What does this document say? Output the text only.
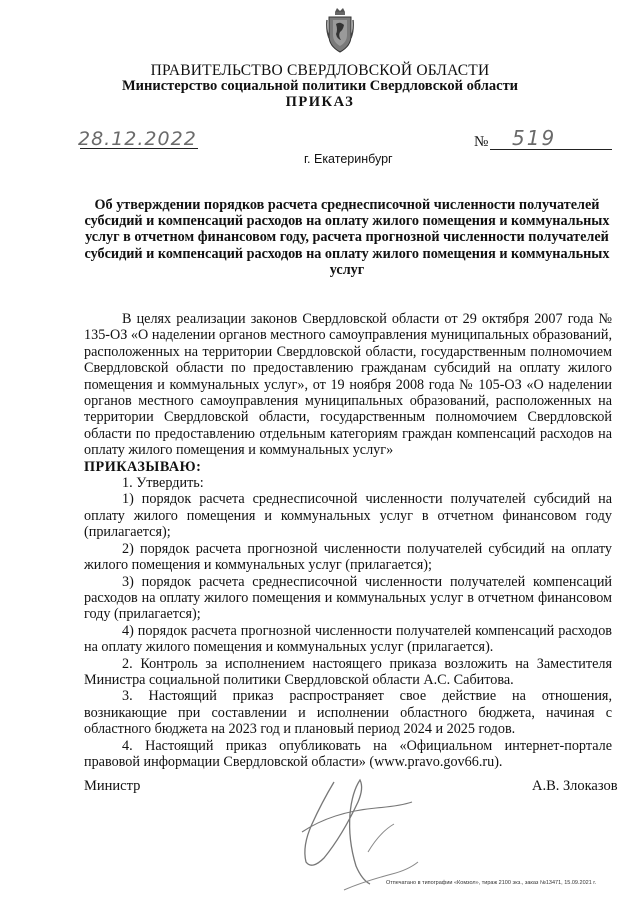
ПРАВИТЕЛЬСТВО СВЕРДЛОВСКОЙ ОБЛАСТИ
Министерство социальной политики Свердловской области
ПРИКАЗ
28.12.2022	№ 519
г. Екатеринбург
Об утверждении порядков расчета среднесписочной численности получателей субсидий и компенсаций расходов на оплату жилого помещения и коммунальных услуг в отчетном финансовом году, расчета прогнозной численности получателей субсидий и компенсаций расходов на оплату жилого помещения и коммунальных услуг

В целях реализации законов Свердловской области от 29 октября 2007 года № 135-ОЗ «О наделении органов местного самоуправления муниципальных образований, расположенных на территории Свердловской области, государственным полномочием Свердловской области по предоставлению гражданам субсидий на оплату жилого помещения и коммунальных услуг», от 19 ноября 2008 года № 105-ОЗ «О наделении органов местного самоуправления муниципальных образований, расположенных на территории Свердловской области, государственным полномочием Свердловской области по предоставлению отдельным категориям граждан компенсаций расходов на оплату жилого помещения и коммунальных услуг»

ПРИКАЗЫВАЮ:

1. Утвердить:

1) порядок расчета среднесписочной численности получателей субсидий на оплату жилого помещения и коммунальных услуг в отчетном финансовом году (прилагается);

2) порядок расчета прогнозной численности получателей субсидий на оплату жилого помещения и коммунальных услуг (прилагается);

3) порядок расчета среднесписочной численности получателей компенсаций расходов на оплату жилого помещения и коммунальных услуг в отчетном финансовом году (прилагается);

4) порядок расчета прогнозной численности получателей компенсаций расходов на оплату жилого помещения и коммунальных услуг (прилагается).

2. Контроль за исполнением настоящего приказа возложить на Заместителя Министра социальной политики Свердловской области А.С. Сабитова.

3. Настоящий приказ распространяет свое действие на отношения, возникающие при составлении и исполнении областного бюджета, начиная с областного бюджета на 2023 год и плановый период 2024 и 2025 годов.

4. Настоящий приказ опубликовать на «Официальном интернет-портале правовой информации Свердловской области» (www.pravo.gov66.ru).

Министр	А.В. Злоказов
Отпечатано в типографии «Комзол», тираж 2100 экз., заказ №13471, 15.09.2021 г.
